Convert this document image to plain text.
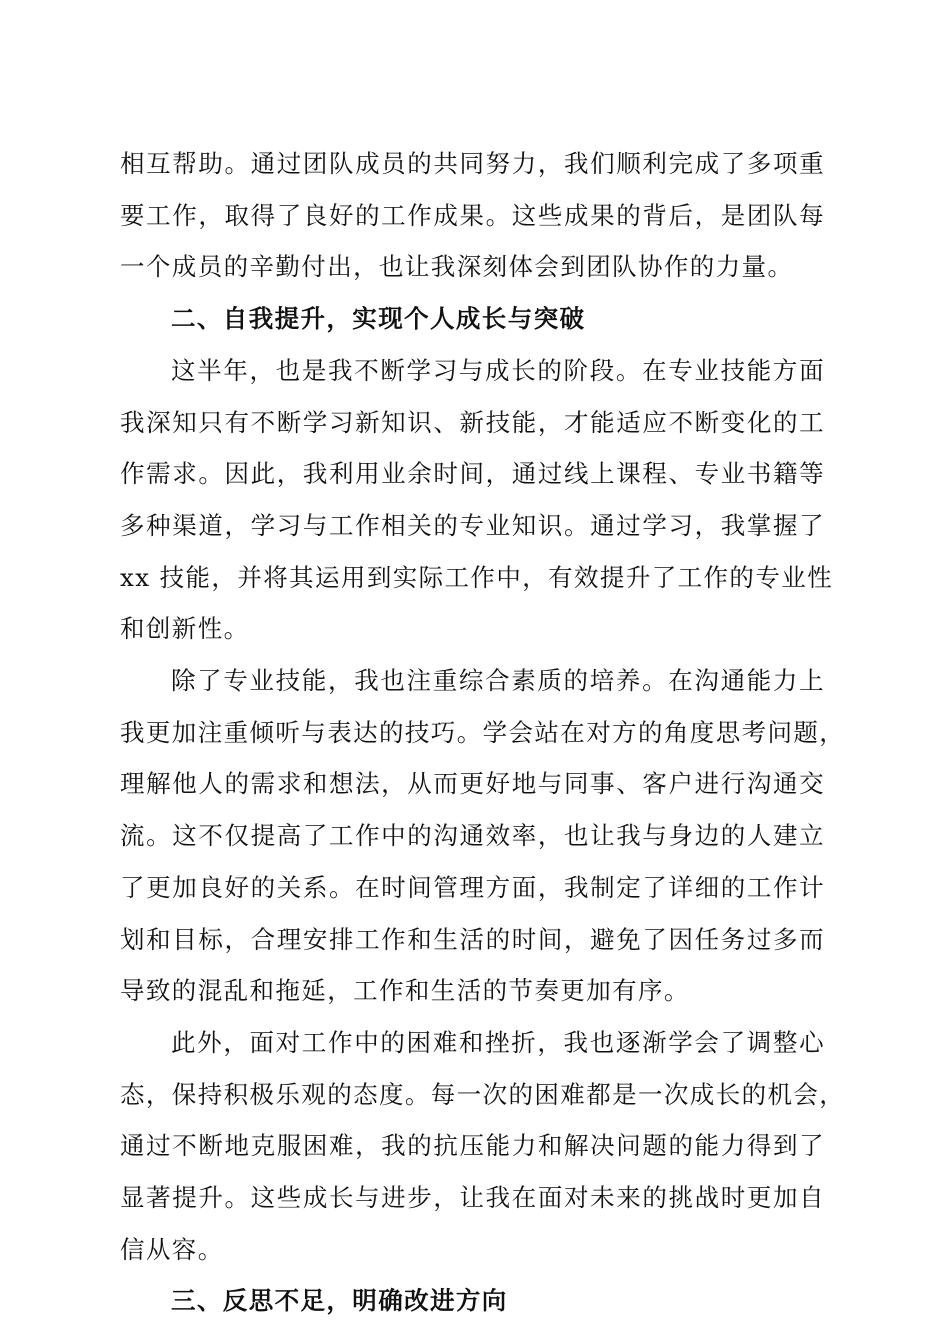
相互帮助。通过团队成员的共同努力，我们顺利完成了多项重
要工作，取得了良好的工作成果。这些成果的背后，是团队每
一个成员的辛勤付出，也让我深刻体会到团队协作的力量。

二、自我提升，实现个人成长与突破

这半年，也是我不断学习与成长的阶段。在专业技能方面
我深知只有不断学习新知识、新技能，才能适应不断变化的工
作需求。因此，我利用业余时间，通过线上课程、专业书籍等
多种渠道，学习与工作相关的专业知识。通过学习，我掌握了
xx 技能，并将其运用到实际工作中，有效提升了工作的专业性
和创新性。

除了专业技能，我也注重综合素质的培养。在沟通能力上
我更加注重倾听与表达的技巧。学会站在对方的角度思考问题，
理解他人的需求和想法，从而更好地与同事、客户进行沟通交
流。这不仅提高了工作中的沟通效率，也让我与身边的人建立
了更加良好的关系。在时间管理方面，我制定了详细的工作计
划和目标，合理安排工作和生活的时间，避免了因任务过多而
导致的混乱和拖延，工作和生活的节奏更加有序。

此外，面对工作中的困难和挫折，我也逐渐学会了调整心
态，保持积极乐观的态度。每一次的困难都是一次成长的机会，
通过不断地克服困难，我的抗压能力和解决问题的能力得到了
显著提升。这些成长与进步，让我在面对未来的挑战时更加自
信从容。

三、反思不足，明确改进方向
